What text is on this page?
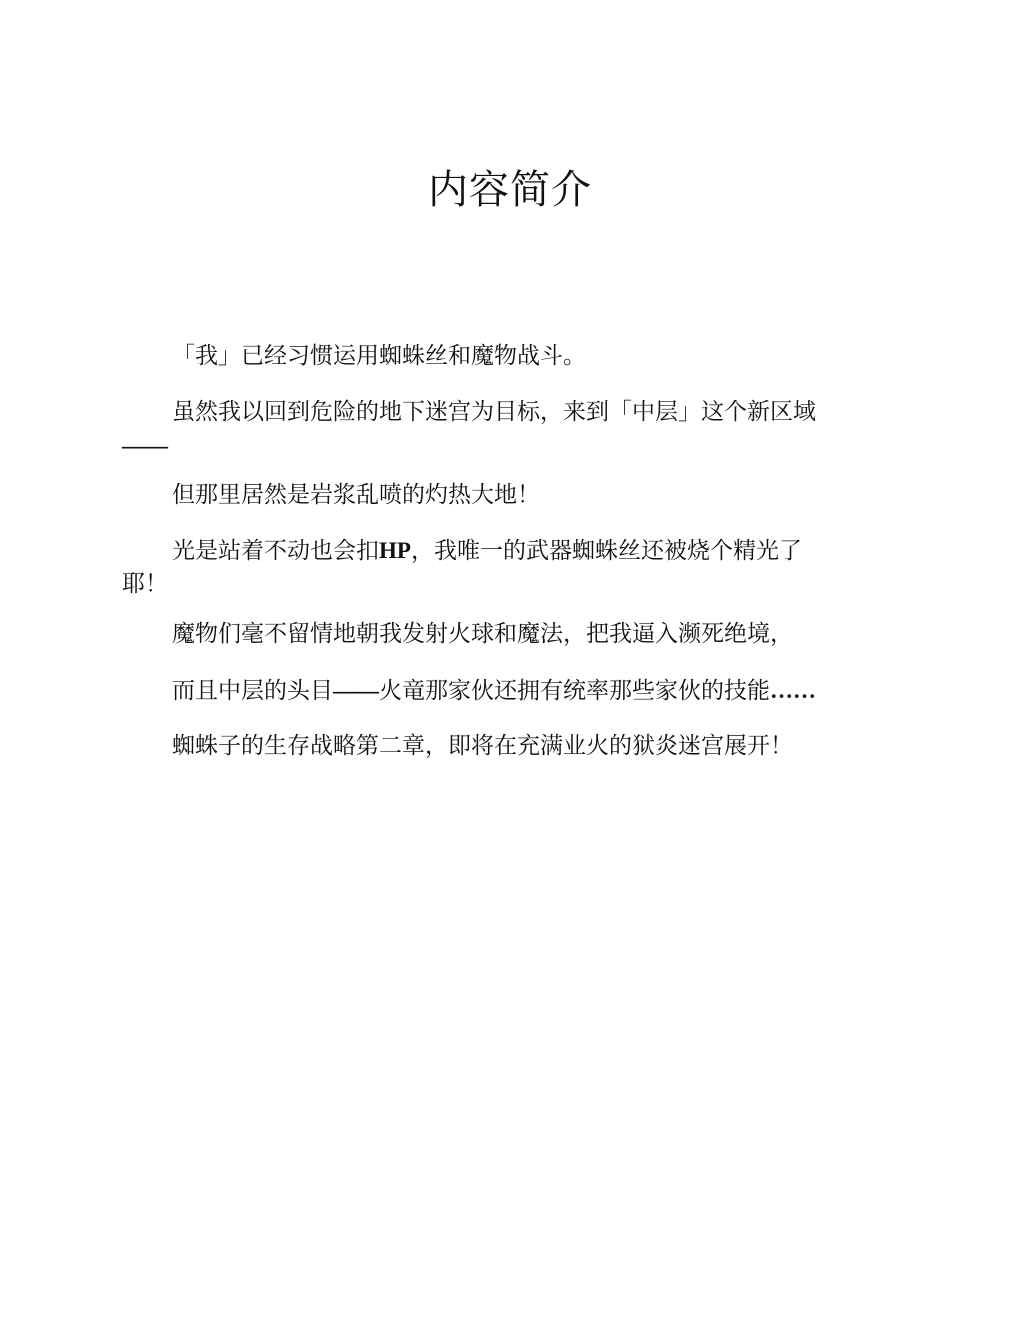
内容简介

「我」已经习惯运用蜘蛛丝和魔物战斗。

虽然我以回到危险的地下迷宫为目标，来到「中层」这个新区域
——

但那里居然是岩浆乱喷的灼热大地！

光是站着不动也会扣HP，我唯一的武器蜘蛛丝还被烧个精光了
耶！

魔物们毫不留情地朝我发射火球和魔法，把我逼入濒死绝境，

而且中层的头目——火竜那家伙还拥有统率那些家伙的技能……

蜘蛛子的生存战略第二章，即将在充满业火的狱炎迷宫展开！
